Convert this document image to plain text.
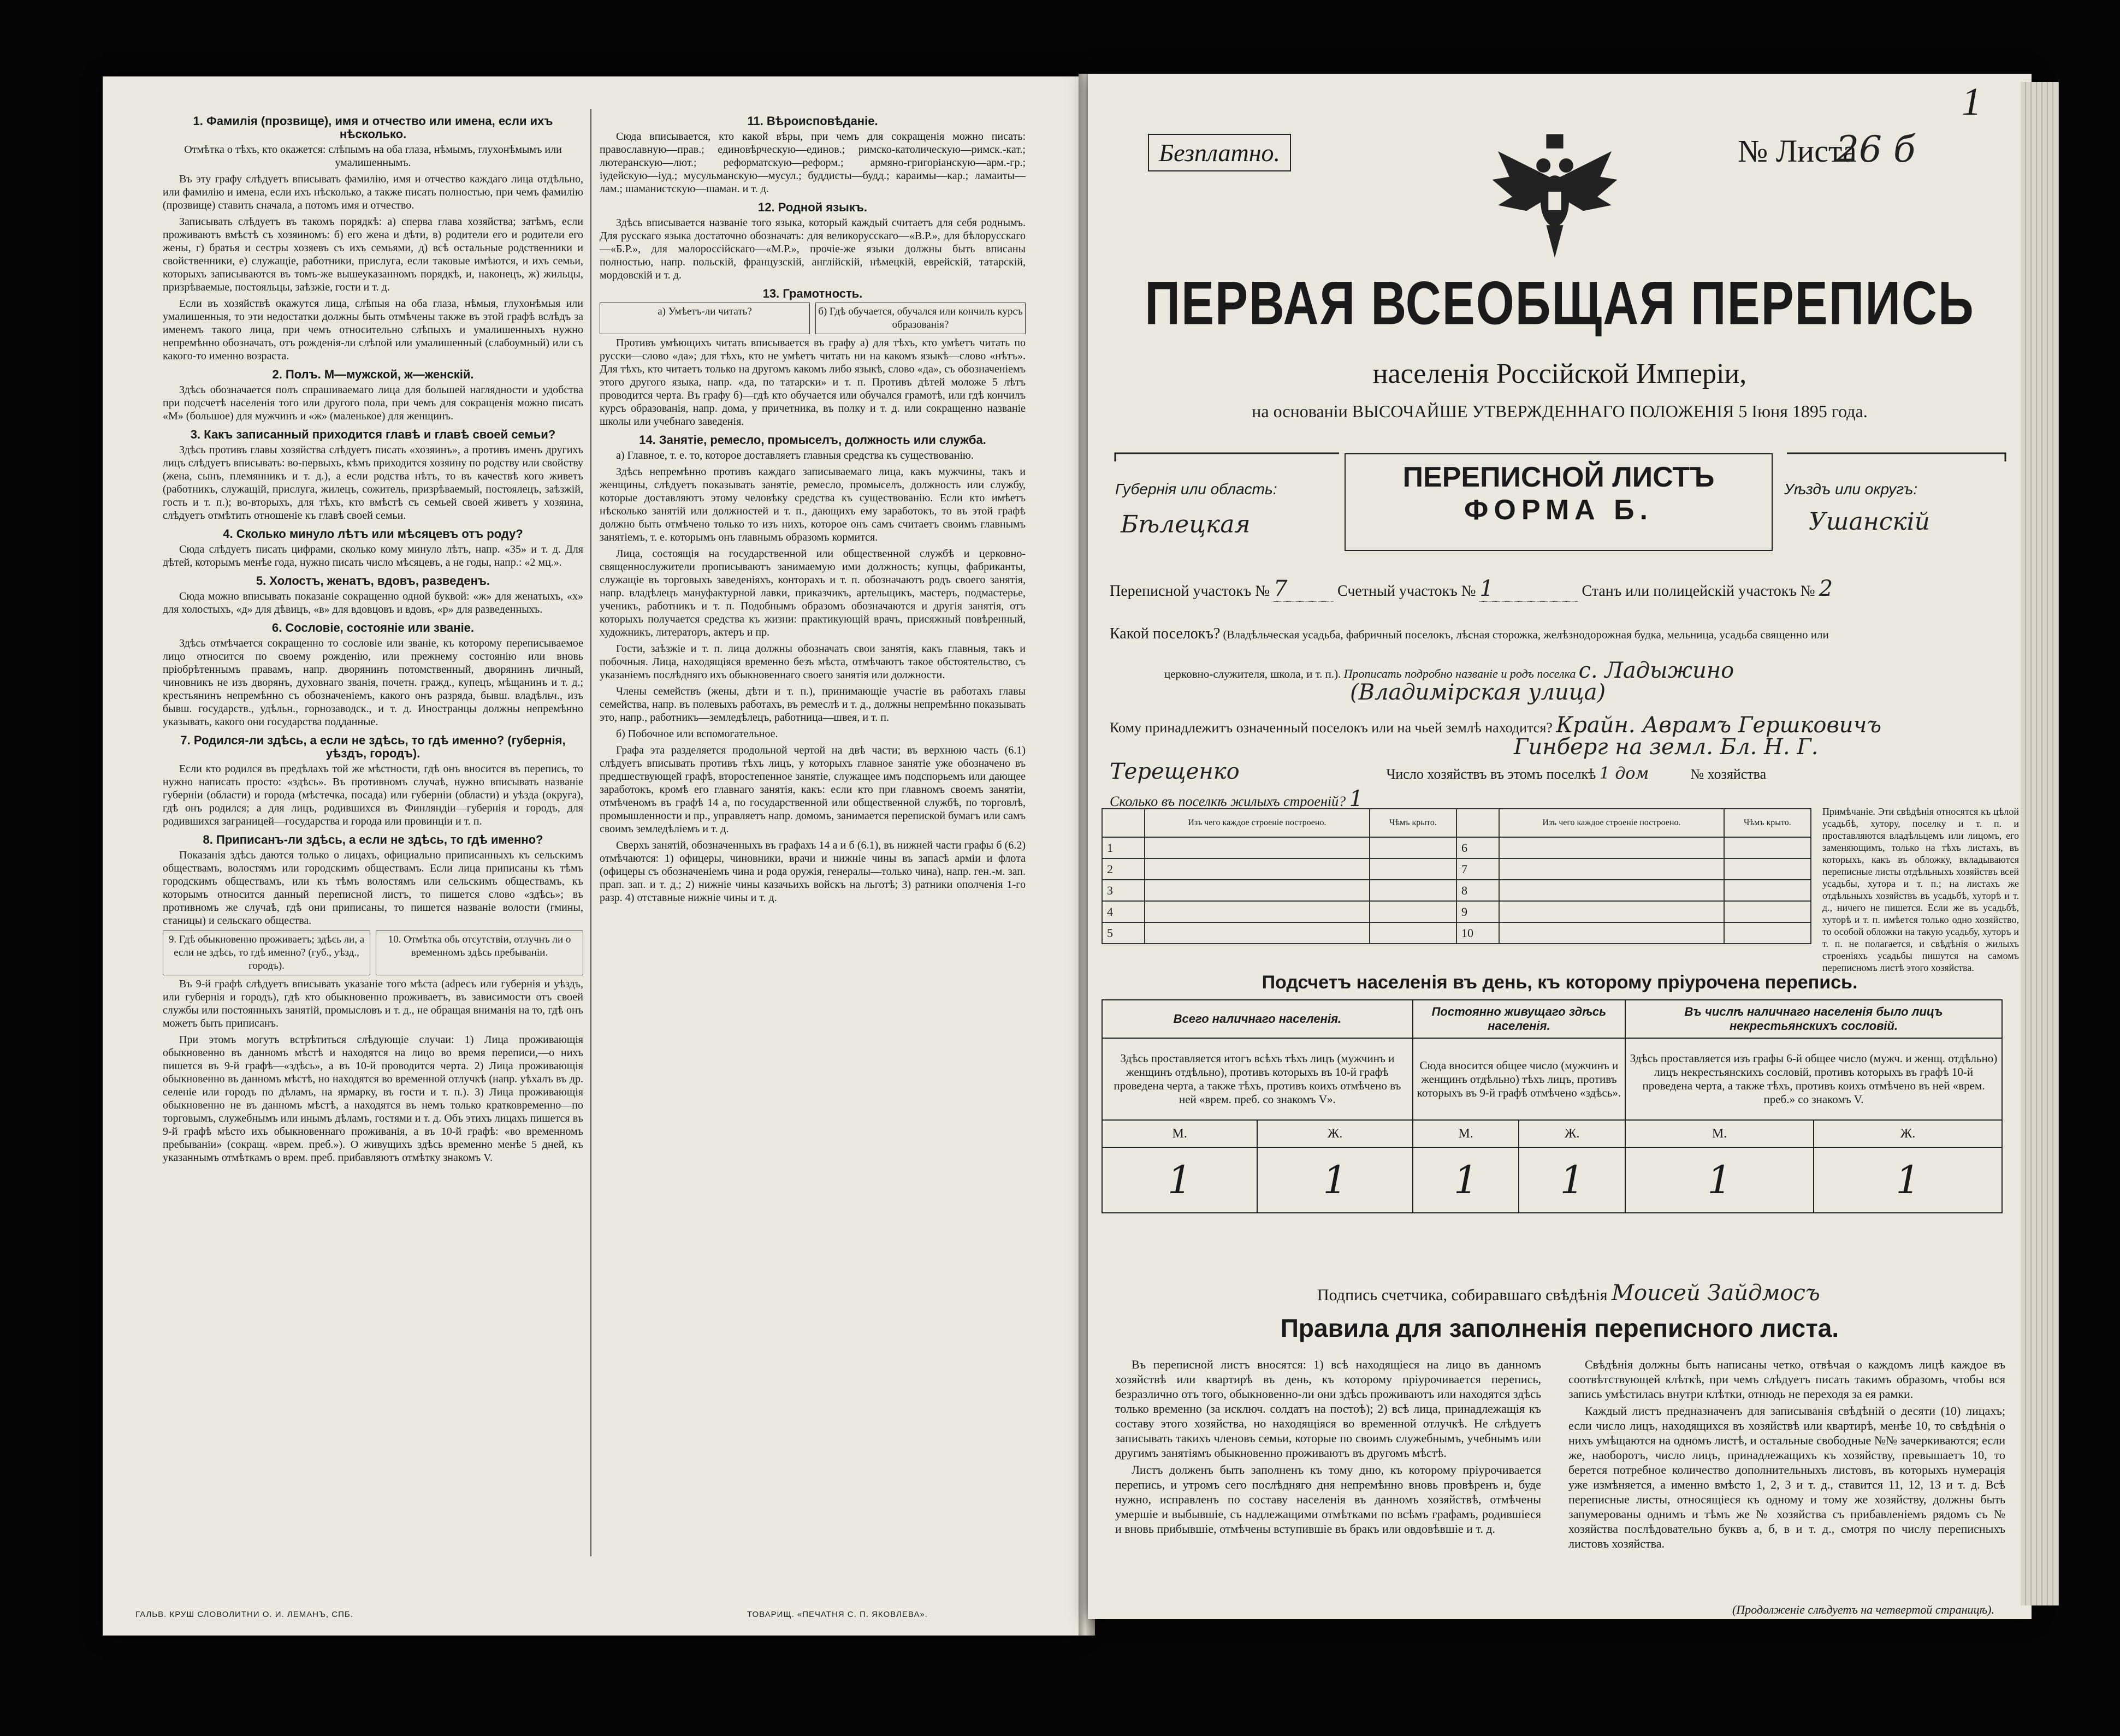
1. Фамилія (прозвище), имя и отчество или имена, если ихъ нѣсколько.
Отмѣтка о тѣхъ, кто окажется: слѣпымъ на оба глаза, нѣмымъ, глухонѣмымъ или умалишеннымъ.

Въ эту графу слѣдуетъ вписывать фамилію, имя и отчество каждаго лица отдѣльно, или фамилію и имена, если ихъ нѣсколько, а также писать полностью, при чемъ фамилію (прозвище) ставить сначала, а потомъ имя и отчество.

Записывать слѣдуетъ въ такомъ порядкѣ: а) сперва глава хозяйства; затѣмъ, если проживаютъ вмѣстѣ съ хозяиномъ: б) его жена и дѣти, в) родители его и родители его жены, г) братья и сестры хозяевъ съ ихъ семьями, д) всѣ остальные родственники и свойственники, е) служащіе, работники, прислуга, если таковые имѣются, и ихъ семьи, которыхъ записываются въ томъ-же вышеуказанномъ порядкѣ, и, наконецъ, ж) жильцы, призрѣваемые, постояльцы, заѣзжіе, гости и т. д.

Если въ хозяйствѣ окажутся лица, слѣпыя на оба глаза, нѣмыя, глухонѣмыя или умалишенныя, то эти недостатки должны быть отмѣчены также въ этой графѣ вслѣдъ за именемъ такого лица, при чемъ относительно слѣпыхъ и умалишенныхъ нужно непремѣнно обозначать, отъ рожденія-ли слѣпой или умалишенный (слабоумный) или съ какого-то именно возраста.

2. Полъ. М—мужской, ж—женскій.

Здѣсь обозначается полъ спрашиваемаго лица для большей наглядности и удобства при подсчетѣ населенія того или другого пола, при чемъ для сокращенія можно писать «М» (большое) для мужчинъ и «ж» (маленькое) для женщинъ.

3. Какъ записанный приходится главѣ и главѣ своей семьи?

Здѣсь противъ главы хозяйства слѣдуетъ писать «хозяинъ», а противъ именъ другихъ лицъ слѣдуетъ вписывать: во-первыхъ, кѣмъ приходится хозяину по родству или свойству (жена, сынъ, племянникъ и т. д.), а если родства нѣтъ, то въ качествѣ кого живетъ (работникъ, служащій, прислуга, жилецъ, сожитель, призрѣваемый, постоялецъ, заѣзжій, гость и т. п.); во-вторыхъ, для тѣхъ, кто вмѣстѣ съ семьей своей живетъ у хозяина, слѣдуетъ отмѣтить отношеніе къ главѣ своей семьи.

4. Сколько минуло лѣтъ или мѣсяцевъ отъ роду?

Сюда слѣдуетъ писать цифрами, сколько кому минуло лѣтъ, напр. «35» и т. д. Для дѣтей, которымъ менѣе года, нужно писать число мѣсяцевъ, а не годы, напр.: «2 мц.».

5. Холостъ, женатъ, вдовъ, разведенъ.

Сюда можно вписывать показаніе сокращенно одной буквой: «ж» для женатыхъ, «х» для холостыхъ, «д» для дѣвицъ, «в» для вдовцовъ и вдовъ, «р» для разведенныхъ.

6. Сословіе, состояніе или званіе.

Здѣсь отмѣчается сокращенно то сословіе или званіе, къ которому переписываемое лицо относится по своему рожденію, или прежнему состоянію или вновь пріобрѣтеннымъ правамъ, напр. дворянинъ потомственный, дворянинъ личный, чиновникъ не изъ дворянъ, духовнаго званія, почетн. гражд., купецъ, мѣщанинъ и т. д.; крестьянинъ непремѣнно съ обозначеніемъ, какого онъ разряда, бывш. владѣльч., изъ бывш. государств., удѣльн., горнозаводск., и т. д. Иностранцы должны непремѣнно указывать, какого они государства подданные.

7. Родился-ли здѣсь, а если не здѣсь, то гдѣ именно? (губернія, уѣздъ, городъ).

Если кто родился въ предѣлахъ той же мѣстности, гдѣ онъ вносится въ перепись, то нужно написать просто: «здѣсь». Въ противномъ случаѣ, нужно вписывать названіе губерніи (области) и города (мѣстечка, посада) или губерніи (области) и уѣзда (округа), гдѣ онъ родился; а для лицъ, родившихся въ Финляндіи—губернія и городъ, для родившихся заграницей—государства и города или провинціи и т. п.

8. Приписанъ-ли здѣсь, а если не здѣсь, то гдѣ именно?

Показанія здѣсь даются только о лицахъ, официально приписанныхъ къ сельскимъ обществамъ, волостямъ или городскимъ обществамъ. Если лица приписаны къ тѣмъ городскимъ обществамъ, или къ тѣмъ волостямъ или сельскимъ обществамъ, къ которымъ относится данный переписной листъ, то пишется слово «здѣсь»; въ противномъ же случаѣ, гдѣ они приписаны, то пишется названіе волости (гмины, станицы) и сельскаго общества.

9. Гдѣ обыкновенно проживаетъ; здѣсь ли, а если не здѣсь, то гдѣ именно? (губ., уѣзд., городъ).
10. Отмѣтка обь отсутствіи, отлучнъ ли о временномъ здѣсь пребываніи.

Въ 9-й графѣ слѣдуетъ вписывать указаніе того мѣста (аdресъ или губернія и уѣздъ, или губернія и городъ), гдѣ кто обыкновенно проживаетъ, въ зависимости отъ своей службы или постоянныхъ занятій, промысловъ и т. д., не обращая вниманія на то, гдѣ онъ можетъ быть приписанъ.

При этомъ могутъ встрѣтиться слѣдующіе случаи: 1) Лица проживающія обыкновенно въ данномъ мѣстѣ и находятся на лицо во время переписи,—о нихъ пишется въ 9-й графѣ—«здѣсь», а въ 10-й проводится черта. 2) Лица проживающія обыкновенно въ данномъ мѣстѣ, но находятся во временной отлучкѣ (напр. уѣхалъ въ др. селеніе или городъ по дѣламъ, на ярмарку, въ гости и т. п.). 3) Лица проживающія обыкновенно не въ данномъ мѣстѣ, а находятся въ немъ только кратковременно—по торговымъ, служебнымъ или инымъ дѣламъ, гостями и т. д. Объ этихъ лицахъ пишется въ 9-й графѣ мѣсто ихъ обыкновеннаго проживанія, а въ 10-й графѣ: «во временномъ пребываніи» (сокращ. «врем. преб.»). О живущихъ здѣсь временно менѣе 5 дней, къ указаннымъ отмѣткамъ о врем. преб. прибавляютъ отмѣтку знакомъ V.

11. Вѣроисповѣданіе.

Сюда вписывается, кто какой вѣры, при чемъ для сокращенія можно писать: православную—прав.; единовѣрческую—единов.; римско-католическую—римск.-кат.; лютеранскую—лют.; реформатскую—реформ.; армяно-григоріанскую—арм.-гр.; іудейскую—іуд.; мусульманскую—мусул.; буддисты—будд.; караимы—кар.; ламаиты—лам.; шаманистскую—шаман. и т. д.

12. Родной языкъ.

Здѣсь вписывается названіе того языка, который каждый считаетъ для себя роднымъ. Для русскаго языка достаточно обозначать: для великорусскаго—«В.Р.», для бѣлорусскаго—«Б.Р.», для малороссійскаго—«М.Р.», прочіе-же языки должны быть вписаны полностью, напр. польскій, французскій, англійскій, нѣмецкій, еврейскій, татарскій, мордовскій и т. д.

13. Грамотность.
а) Умѣетъ-ли читать?	б) Гдѣ обучается, обучался или кончилъ курсъ образованія?

Противъ умѣющихъ читать вписывается въ графу а) для тѣхъ, кто умѣетъ читать по русски—слово «да»; для тѣхъ, кто не умѣетъ читать ни на какомъ языкѣ—слово «нѣтъ». Для тѣхъ, кто читаетъ только на другомъ какомъ либо языкѣ, слово «да», съ обозначеніемъ этого другого языка, напр. «да, по татарски» и т. п. Противъ дѣтей моложе 5 лѣтъ проводится черта. Въ графу б)—гдѣ кто обучается или обучался грамотѣ, или гдѣ кончилъ курсъ образованія, напр. дома, у причетника, въ полку и т. д. или сокращенно названіе школы или учебнаго заведенія.

14. Занятіе, ремесло, промыселъ, должность или служба.

а) Главное, т. е. то, которое доставляетъ главныя средства къ существованію.

Здѣсь непремѣнно противъ каждаго записываемаго лица, какъ мужчины, такъ и женщины, слѣдуетъ показывать занятіе, ремесло, промыселъ, должность или службу, которые доставляютъ этому человѣку средства къ существованію. Если кто имѣетъ нѣсколько занятій или должностей и т. п., дающихъ ему заработокъ, то въ этой графѣ должно быть отмѣчено только то изъ нихъ, которое онъ самъ считаетъ своимъ главнымъ занятіемъ, т. е. которымъ онъ главнымъ образомъ кормится.

Лица, состоящія на государственной или общественной службѣ и церковно-священнослужители прописываютъ занимаемую ими должность; купцы, фабриканты, служащіе въ торговыхъ заведеніяхъ, конторахъ и т. п. обозначаютъ родъ своего занятія, напр. владѣлецъ мануфактурной лавки, приказчикъ, артельщикъ, мастеръ, подмастерье, ученикъ, работникъ и т. п. Подобнымъ образомъ обозначаются и другія занятія, отъ которыхъ получается средства къ жизни: практикующій врачъ, присяжный повѣренный, художникъ, литераторъ, актеръ и пр.

Гости, заѣзжіе и т. п. лица должны обозначать свои занятія, какъ главныя, такъ и побочныя. Лица, находящіяся временно безъ мѣста, отмѣчаютъ такое обстоятельство, съ указаніемъ послѣдняго ихъ обыкновеннаго своего занятія или должности.

Члены семействъ (жены, дѣти и т. п.), принимающіе участіе въ работахъ главы семейства, напр. въ полевыхъ работахъ, въ ремеслѣ и т. д., должны непремѣнно показывать это, напр., работникъ—земледѣлецъ, работница—швея, и т. п.

б) Побочное или вспомогательное.

Графа эта разделяется продольной чертой на двѣ части; въ верхнюю часть (6.1) слѣдуетъ вписывать противъ тѣхъ лицъ, у которыхъ главное занятіе уже обозначено въ предшествующей графѣ, второстепенное занятіе, служащее имъ подспорьемъ или дающее заработокъ, кромѣ его главнаго занятія, какъ: если кто при главномъ своемъ занятіи, отмѣченомъ въ графѣ 14 а, по государственной или общественной службѣ, по торговлѣ, промышленности и пр., управляетъ напр. домомъ, занимается перепиской бумагъ или самъ своимъ земледѣліемъ и т. д.

Сверхъ занятій, обозначенныхъ въ графахъ 14 а и б (6.1), въ нижней части графы б (6.2) отмѣчаются: 1) офицеры, чиновники, врачи и нижніе чины въ запасѣ арміи и флота (офицеры съ обозначеніемъ чина и рода оружія, генералы—только чина), напр. ген.-м. зап. прап. зап. и т. д.; 2) нижніе чины казачьихъ войскъ на льготѣ; 3) ратники ополченія 1-го разр. 4) отставные нижніе чины и т. д.

ГАЛЬВ. КРУШ СЛОВОЛИТНИ О. И. ЛЕМАНЪ, СПБ.	ТОВАРИЩ. «ПЕЧАТНЯ С. П. ЯКОВЛЕВА».
1
Безплатно.	№ Листа
26 б
ПЕРВАЯ ВСЕОБЩАЯ ПЕРЕПИСЬ
населенія Россійской Имперіи,
на основаніи ВЫСОЧАЙШЕ УТВЕРЖДЕННАГО ПОЛОЖЕНІЯ 5 Іюня 1895 года.
Губернія или область:
Бѣлецкая
ПЕРЕПИСНОЙ ЛИСТЪ
ФОРМА Б.
Уѣздъ или округъ:
Ушанскій
Переписной участокъ № 7	Счетный участокъ № 1	Станъ или полицейскій участокъ № 2
Какой поселокъ? (Владѣльческая усадьба, фабричный поселокъ, лѣсная сторожка, желѣзнодорожная будка, мельница, усадьба священно или
церковно-служителя, школа, и т. п.). Прописать подробно названіе и родъ поселка с. Ладыжино
(Владимірская улица)
Кому принадлежитъ означенный поселокъ или на чьей землѣ находится? Крайн. Аврамъ Гершковичъ
Гинберг на земл. Бл. Н. Г.
Терещенко	Число хозяйствъ въ этомъ поселкѣ 1 дом	№ хозяйства
Сколько въ поселкѣ жилыхъ строеній? 1
	Изъ чего каждое строеніе построено.	Чѣмъ крыто.		Изъ чего каждое строеніе построено.	Чѣмъ крыто.
1			6		
2			7		
3			8		
4			9		
5			10		
Примѣчаніе. Эти свѣдѣнія относятся къ цѣлой усадьбѣ, хутору, поселку и т. п. и проставляются владѣльцемъ или лицомъ, его заменяющимъ, только на тѣхъ листахъ, въ которыхъ, какъ въ обложку, вкладываются переписные листы отдѣльныхъ хозяйствъ всей усадьбы, хутора и т. п.; на листахъ же отдѣльныхъ хозяйствъ въ усадьбѣ, хуторѣ и т. д., ничего не пишется. Если же въ усадьбѣ, хуторѣ и т. п. имѣется только одно хозяйство, то особой обложки на такую усадьбу, хуторъ и т. п. не полагается, и свѣдѣнія о жилыхъ строеніяхъ усадьбы пишутся на самомъ переписномъ листѣ этого хозяйства.
Подсчетъ населенія въ день, къ которому пріурочена перепись.
Всего наличнаго населенія.		Постоянно живущаго здѣсь населенія.		Въ числѣ наличнаго населенія было лицъ некрестьянскихъ сословій.	
Здѣсь проставляется итогъ всѣхъ тѣхъ лицъ (мужчинъ и женщинъ отдѣльно), противъ которыхъ въ 10-й графѣ проведена черта, а также тѣхъ, противъ коихъ отмѣчено въ ней «врем. преб. со знакомъ V».		Сюда вносится общее число (мужчинъ и женщинъ отдѣльно) тѣхъ лицъ, противъ которыхъ въ 9-й графѣ отмѣчено «здѣсь».		Здѣсь проставляется изъ графы 6-й общее число (мужч. и женщ. отдѣльно) лицъ некрестьянскихъ сословій, противъ которыхъ въ графѣ 10-й проведена черта, а также тѣхъ, противъ коихъ отмѣчено въ ней «врем. преб.» со знакомъ V.	
М.	Ж.	М.	Ж.	М.	Ж.
1	1	1	1	1	1
Подпись счетчика, собиравшаго свѣдѣнія Моисей Зайдмосъ
Правила для заполненія переписного листа.

Въ переписной листъ вносятся: 1) всѣ находящіеся на лицо въ данномъ хозяйствѣ или квартирѣ въ день, къ которому пріурочивается перепись, безразлично отъ того, обыкновенно-ли они здѣсь проживаютъ или находятся здѣсь только временно (за исключ. солдатъ на постоѣ); 2) всѣ лица, принадлежащія къ составу этого хозяйства, но находящіяся во временной отлучкѣ. Не слѣдуетъ записывать такихъ членовъ семьи, которые по своимъ служебнымъ, учебнымъ или другимъ занятіямъ обыкновенно проживаютъ въ другомъ мѣстѣ.

Листъ долженъ быть заполненъ къ тому дню, къ которому пріурочивается перепись, и утромъ сего послѣдняго дня непремѣнно вновь провѣренъ и, буде нужно, исправленъ по составу населенія въ данномъ хозяйствѣ, отмѣчены умершіе и выбывшіе, съ надлежащими отмѣтками по всѣмъ графамъ, родившіеся и вновь прибывшіе, отмѣчены вступившіе въ бракъ или овдовѣвшіе и т. д.

Свѣдѣнія должны быть написаны четко, отвѣчая о каждомъ лицѣ каждое въ соотвѣтствующей клѣткѣ, при чемъ слѣдуетъ писать такимъ образомъ, чтобы вся запись умѣстилась внутри клѣтки, отнюдь не переходя за ея рамки.

Каждый листъ предназначенъ для записыванія свѣдѣній о десяти (10) лицахъ; если число лицъ, находящихся въ хозяйствѣ или квартирѣ, менѣе 10, то свѣдѣнія о нихъ умѣщаются на одномъ листѣ, и остальные свободные №№ зачеркиваются; если же, наоборотъ, число лицъ, принадлежащихъ къ хозяйству, превышаетъ 10, то берется потребное количество дополнительныхъ листовъ, въ которыхъ нумерація уже измѣняется, а именно вмѣсто 1, 2, 3 и т. д., ставится 11, 12, 13 и т. д. Всѣ переписные листы, относящіеся къ одному и тому же хозяйству, должны быть запумерованы однимъ и тѣмъ же № хозяйства съ прибавленіемъ рядомъ съ № хозяйства послѣдовательно буквъ а, б, в и т. д., смотря по числу переписныхъ листовъ хозяйства.

(Продолженіе слѣдуетъ на четвертой страницѣ).
